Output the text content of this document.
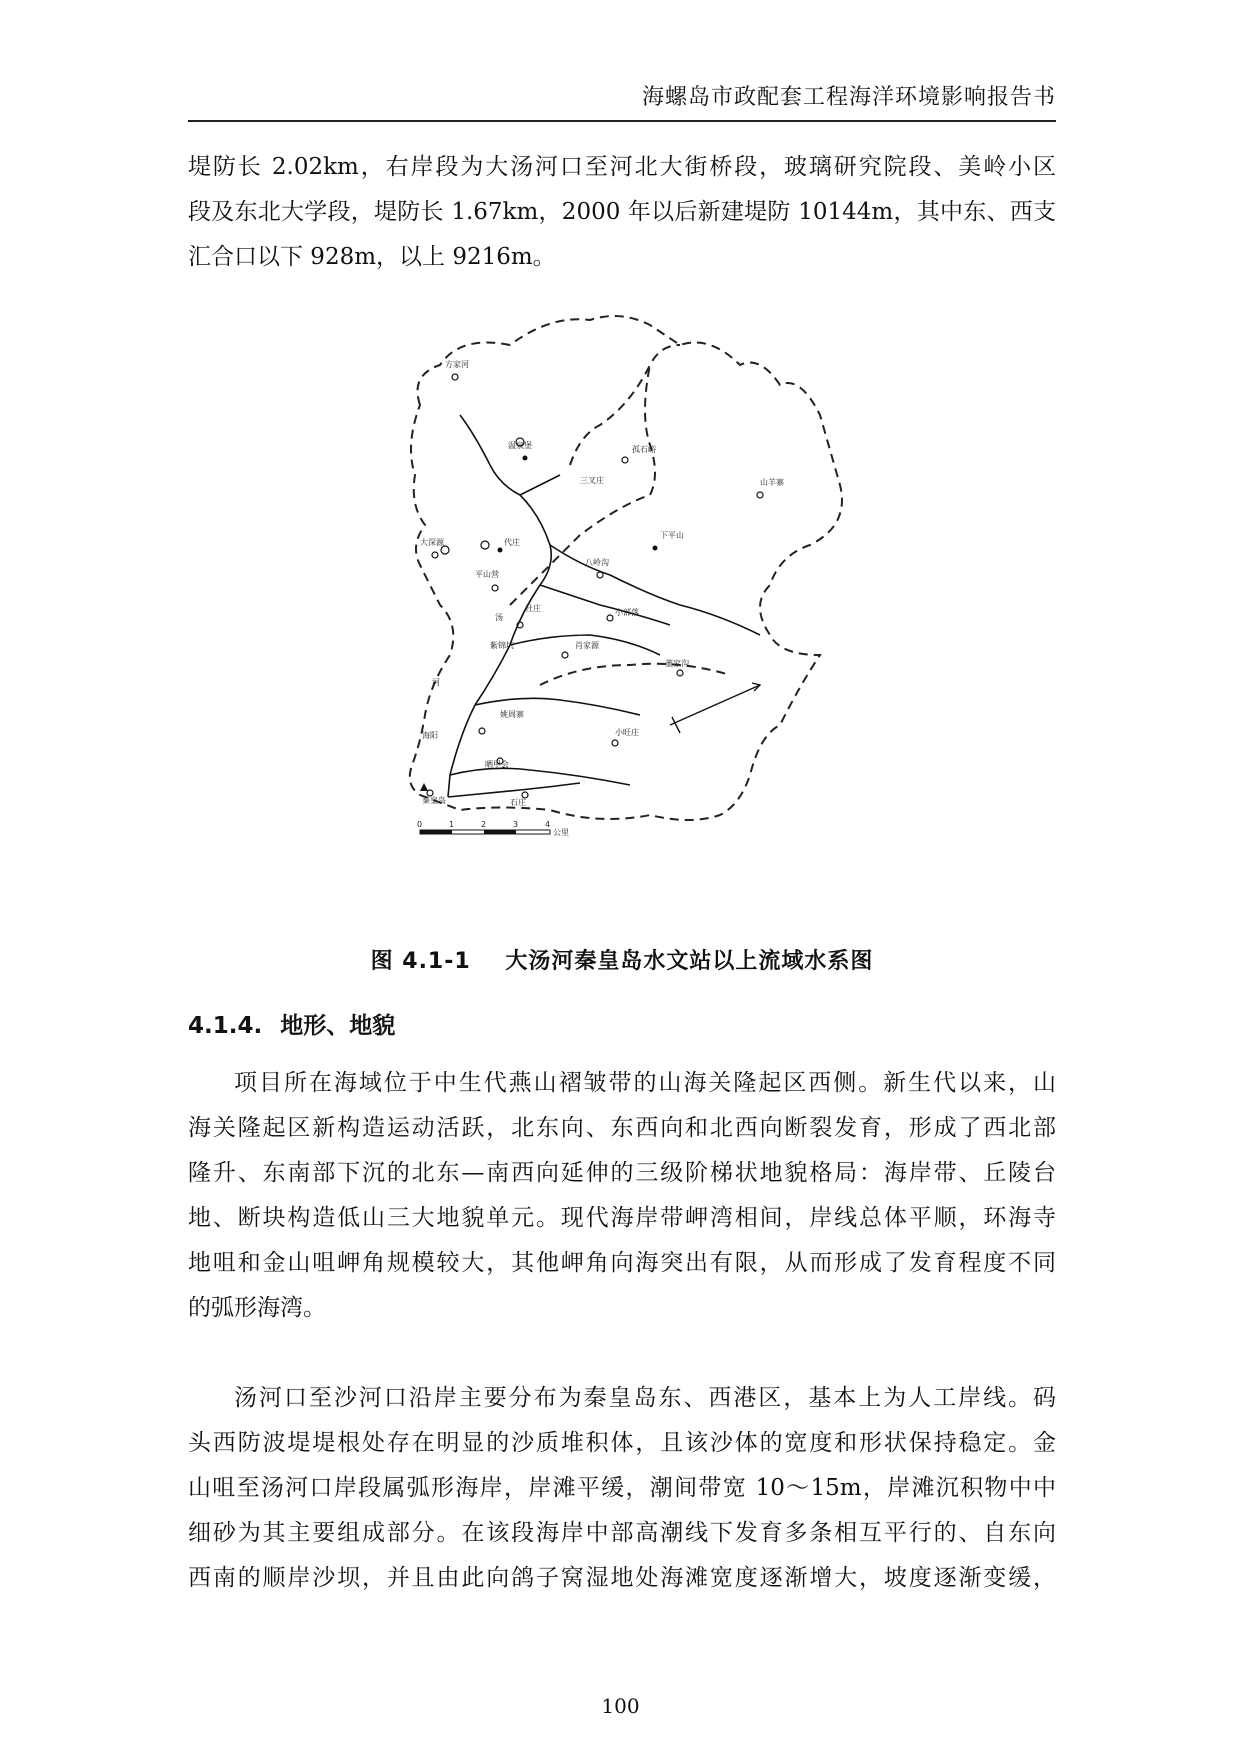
海螺岛市政配套工程海洋环境影响报告书

堤防长 2.02km，右岸段为大汤河口至河北大街桥段，玻璃研究院段、美岭小区
段及东北大学段，堤防长 1.67km，2000 年以后新建堤防 10144m，其中东、西支
汇合口以下 928m，以上 9216m。

方家河
温泉堡	孤石峪
三叉庄	山羊寨
下平山
大深源	代庄
八岭沟
平山营
汤
杜庄	小部落
紫锦坑	肖家源
董家沟
河
姚周寨
海阳	小旺庄
晒甲会
秦皇岛	石庄
0	1	2	3	4
公里
图 4.1-1 大汤河秦皇岛水文站以上流域水系图
4.1.4. 地形、地貌

项目所在海域位于中生代燕山褶皱带的山海关隆起区西侧。新生代以来，山
海关隆起区新构造运动活跃，北东向、东西向和北西向断裂发育，形成了西北部
隆升、东南部下沉的北东—南西向延伸的三级阶梯状地貌格局：海岸带、丘陵台
地、断块构造低山三大地貌单元。现代海岸带岬湾相间，岸线总体平顺，环海寺
地咀和金山咀岬角规模较大，其他岬角向海突出有限，从而形成了发育程度不同
的弧形海湾。

汤河口至沙河口沿岸主要分布为秦皇岛东、西港区，基本上为人工岸线。码
头西防波堤堤根处存在明显的沙质堆积体，且该沙体的宽度和形状保持稳定。金
山咀至汤河口岸段属弧形海岸，岸滩平缓，潮间带宽 10～15m，岸滩沉积物中中
细砂为其主要组成部分。在该段海岸中部高潮线下发育多条相互平行的、自东向
西南的顺岸沙坝，并且由此向鸽子窝湿地处海滩宽度逐渐增大，坡度逐渐变缓，

100
